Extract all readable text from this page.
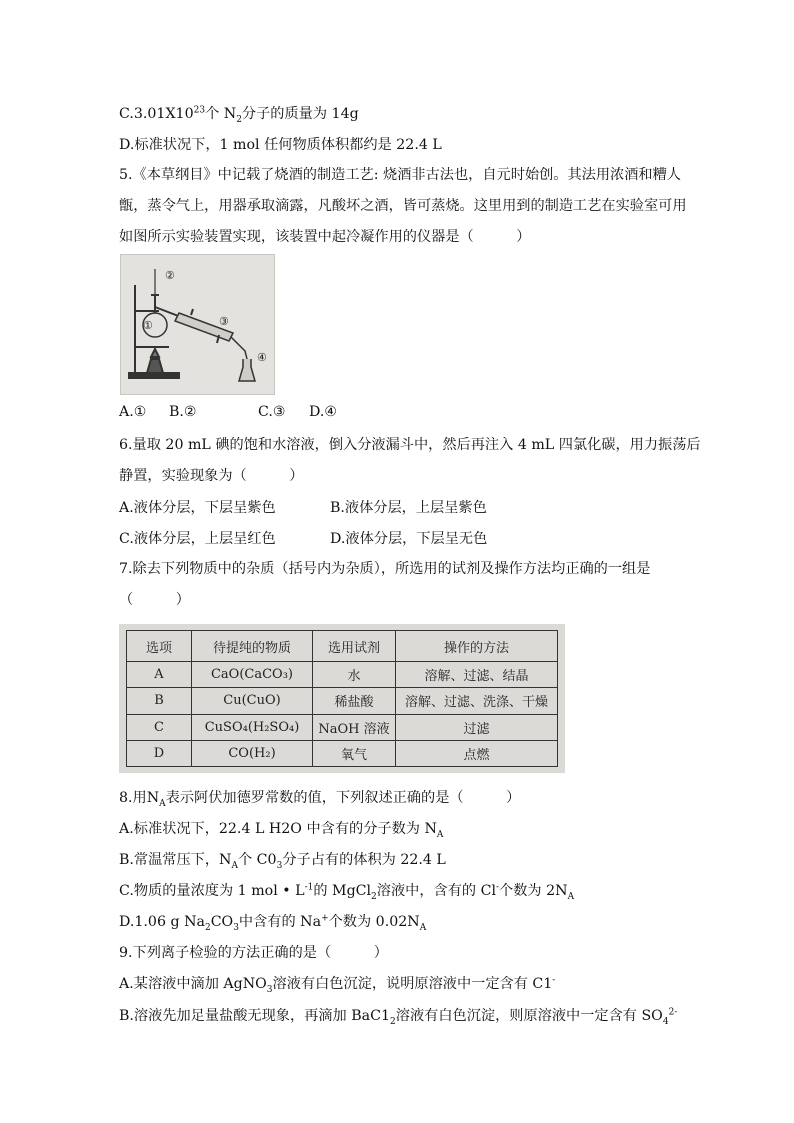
$C.3.01X10^{23}$个 $N_2$分子的质量为 14g
D.标准状况下，1 mol 任何物质体积都约是 22.4 L
5.《本草纲目》中记载了烧酒的制造工艺: 烧酒非古法也，自元时始创。其法用浓酒和糟人
甑，蒸令气上，用器承取滴露，凡酸坏之酒，皆可蒸烧。这里用到的制造工艺在实验室可用
如图所示实验装置实现，该装置中起冷凝作用的仪器是（　　　）
②
①	③
④
A.① B.②	C.③ D.④
6.量取 20 mL 碘的饱和水溶液，倒入分液漏斗中，然后再注入 4 mL 四氯化碳，用力振荡后
静置，实验现象为（　　　）
A.液体分层，下层呈紫色	B.液体分层，上层呈紫色
C.液体分层，上层呈红色	D.液体分层，下层呈无色
7.除去下列物质中的杂质（括号内为杂质），所选用的试剂及操作方法均正确的一组是
（　　　）
选项	待提纯的物质	选用试剂	操作的方法
A	CaO(CaCO₃)	水	溶解、过滤、结晶
B	Cu(CuO)	稀盐酸	溶解、过滤、洗涤、干燥
C	CuSO₄(H₂SO₄)	NaOH 溶液	过滤
D	CO(H₂)	氧气	点燃
8.用$N_A$表示阿伏加德罗常数的值，下列叙述正确的是（　　　）
A.标准状况下，22.4 L H2O 中含有的分子数为 $N_A$
B.常温常压下，$N_A$个 $C0_3$分子占有的体积为 22.4 L
C.物质的量浓度为 1 mol • $L^{-1}$的 MgCl$_2$溶液中，含有的 Cl-个数为 $2N_A$
D.1.06 g $Na_2CO_3$中含有的 Na+个数为 $0.02N_A$
9.下列离子检验的方法正确的是（　　　）
A.某溶液中滴加 AgNO$_3$溶液有白色沉淀，说明原溶液中一定含有 C1-
B.溶液先加足量盐酸无现象，再滴加 $BaC1_2$溶液有白色沉淀，则原溶液中一定含有 $SO_4^{2-}$
